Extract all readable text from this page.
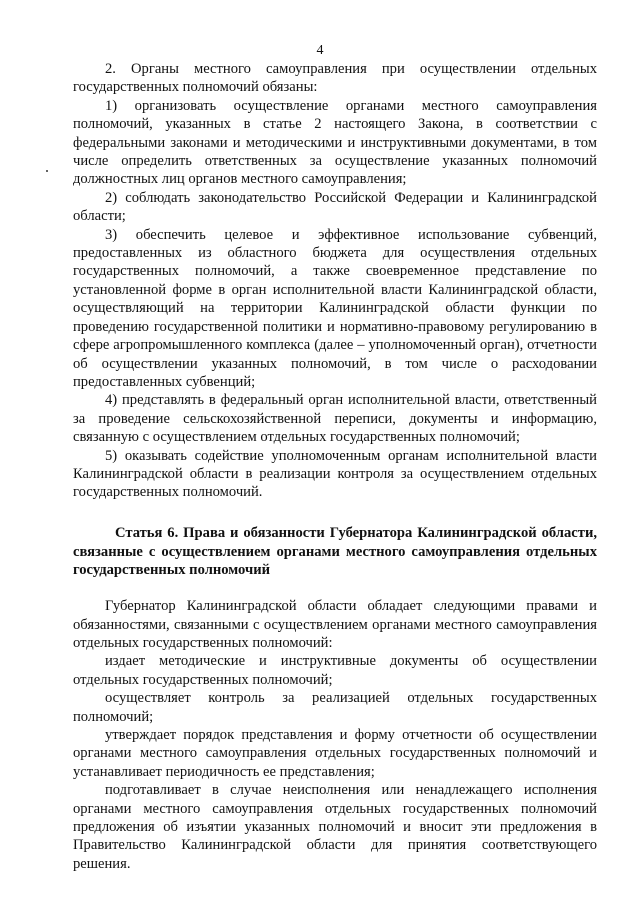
4

2. Органы местного самоуправления при осуществлении отдельных государственных полномочий обязаны:

1) организовать осуществление органами местного самоуправления полномочий, указанных в статье 2 настоящего Закона, в соответствии с федеральными законами и методическими и инструктивными документами, в том числе определить ответственных за осуществление указанных полномочий должностных лиц органов местного самоуправления;

2) соблюдать законодательство Российской Федерации и Калининградской области;

3) обеспечить целевое и эффективное использование субвенций, предоставленных из областного бюджета для осуществления отдельных государственных полномочий, а также своевременное представление по установленной форме в орган исполнительной власти Калининградской области, осуществляющий на территории Калининградской области функции по проведению государственной политики и нормативно-правовому регулированию в сфере агропромышленного комплекса (далее – уполномоченный орган), отчетности об осуществлении указанных полномочий, в том числе о расходовании предоставленных субвенций;

4) представлять в федеральный орган исполнительной власти, ответственный за проведение сельскохозяйственной переписи, документы и информацию, связанную с осуществлением отдельных государственных полномочий;

5) оказывать содействие уполномоченным органам исполнительной власти Калининградской области в реализации контроля за осуществлением отдельных государственных полномочий.

Статья 6. Права и обязанности Губернатора Калининградской области, связанные с осуществлением органами местного самоуправления отдельных государственных полномочий

Губернатор Калининградской области обладает следующими правами и обязанностями, связанными с осуществлением органами местного самоуправления отдельных государственных полномочий:

издает методические и инструктивные документы об осуществлении отдельных государственных полномочий;

осуществляет контроль за реализацией отдельных государственных полномочий;

утверждает порядок представления и форму отчетности об осуществлении органами местного самоуправления отдельных государственных полномочий и устанавливает периодичность ее представления;

подготавливает в случае неисполнения или ненадлежащего исполнения органами местного самоуправления отдельных государственных полномочий предложения об изъятии указанных полномочий и вносит эти предложения в Правительство Калининградской области для принятия соответствующего решения.
